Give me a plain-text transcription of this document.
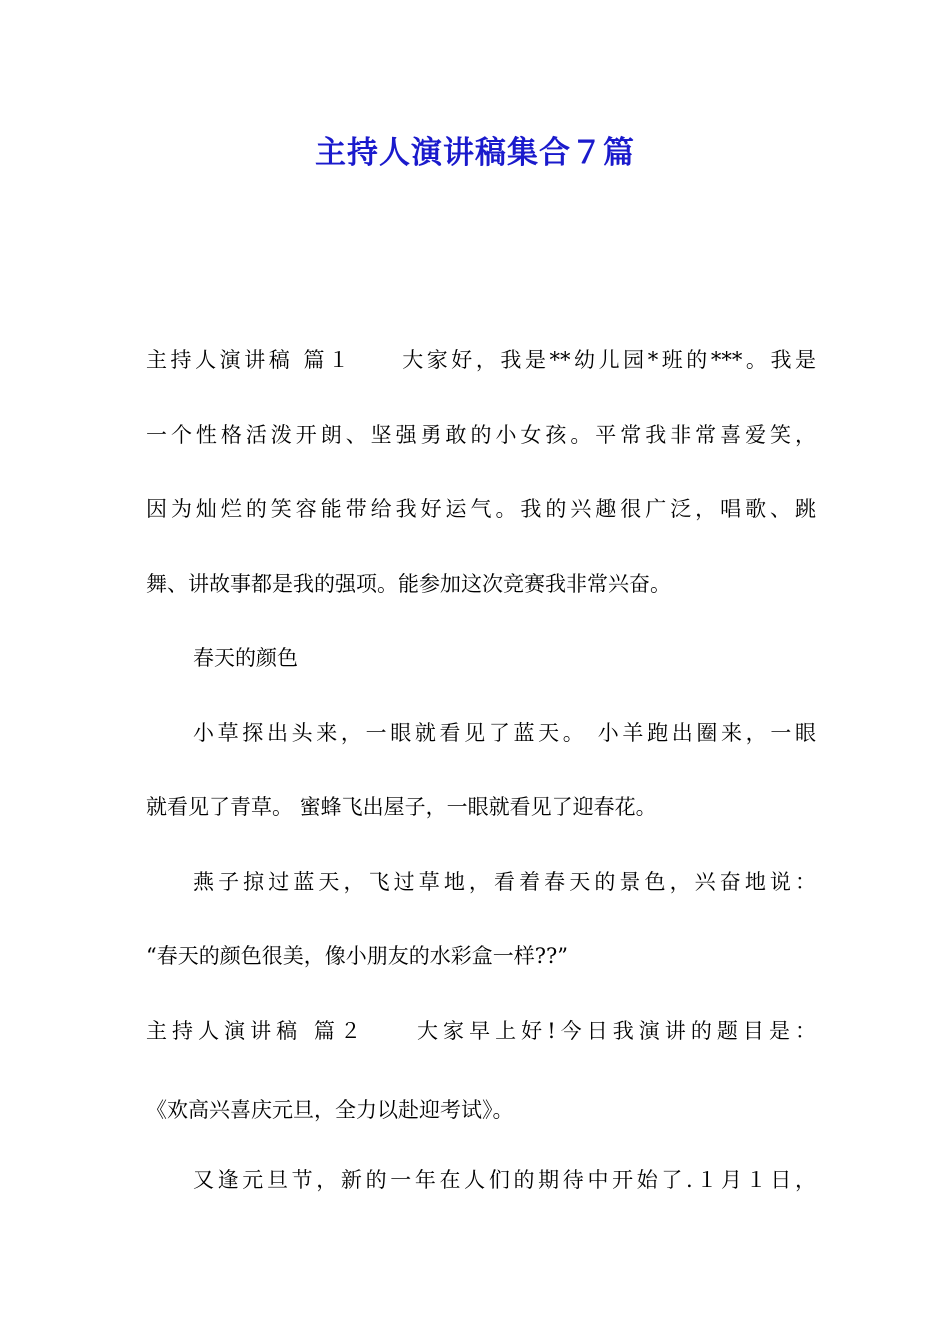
主持人演讲稿集合７篇
主持人演讲稿 篇１ 大家好，我是**幼儿园*班的***。我是
一个性格活泼开朗、坚强勇敢的小女孩。平常我非常喜爱笑，
因为灿烂的笑容能带给我好运气。我的兴趣很广泛，唱歌、跳
舞、讲故事都是我的强项。能参加这次竞赛我非常兴奋。
春天的颜色
小草探出头来，一眼就看见了蓝天。 小羊跑出圈来，一眼
就看见了青草。 蜜蜂飞出屋子，一眼就看见了迎春花。
燕子掠过蓝天，飞过草地，看着春天的景色，兴奋地说：
“春天的颜色很美，像小朋友的水彩盒一样??”
主持人演讲稿 篇２ 大家早上好!今日我演讲的题目是：
《欢高兴喜庆元旦，全力以赴迎考试》。
又逢元旦节，新的一年在人们的期待中开始了.１月１日，
